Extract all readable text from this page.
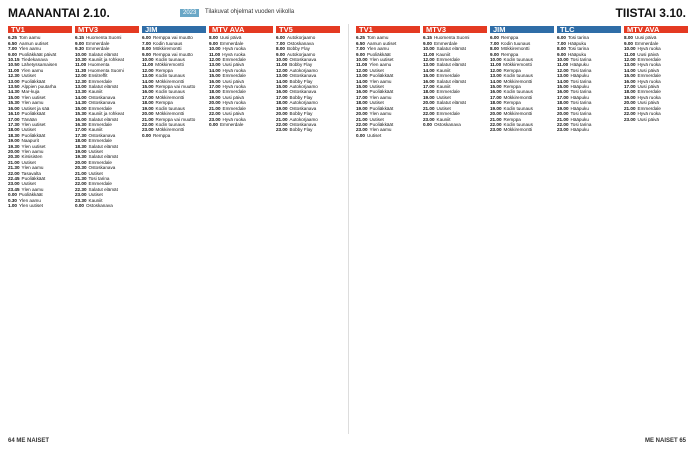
MAANANTAI 2.10.	2023	Tilakuvat ohjelmat vuoden viikolla	TIISTAI 3.10.
TV1
6.25 Tom aamu
6.50 Aamun uutiset
7.00 Ylen aamu
9.00 Puoliäkkäät päivät
10.15 Tiedekanava
10.50 Lähetyssamaisen
11.00 Ylen aamu
12.30 Uutiset
13.00 Puoliäkkäät
13.50 Alppien puutarha
14.30 Mar-kuja
15.00 Ylen uutiset
15.30 Ylen aamu
16.00 Uutiset ja sää
16.10 Puoliäkkäät
17.00 Tänään
17.30 Ylen uutiset
18.00 Uutiset
18.30 Puoliäkkäät
19.00 Naapurit
19.30 Ylen uutiset
20.00 Ylen aamu
20.30 Kirsisisten
21.00 Uutiset
21.30 Ylen aamu
22.00 Tasavalta
22.45 Puoliäkkäät
23.00 Uutiset
23.45 Ylen aamu
0.00 Puoliäkkäät
0.30 Ylen aamu
1.00 Ylen uutiset
MTV3
6.15 Huomenta Suomi
9.00 Emmerdale
9.30 Emmerdale
10.00 Salatut elämät
10.30 Kauniit ja rohkeat
11.00 Huomenta
11.30 Huomenta Suomi
12.00 Ensitreffit
12.30 Emmerdale
13.00 Salatut elämät
13.30 Kauniit
14.00 Ostoskanava
14.30 Ostoskanava
15.00 Emmerdale
15.30 Kauniit ja rohkeat
16.00 Salatut elämät
16.30 Emmerdale
17.00 Kauniit
17.30 Ostoskanava
18.00 Emmerdale
18.30 Salatut elämät
19.00 Uutiset
19.30 Salatut elämät
20.00 Emmerdale
20.30 Ostoskanava
21.00 Uutiset
21.30 Tosi tarina
22.00 Emmerdale
22.30 Salatut elämät
23.00 Uutiset
23.30 Kauniit
0.00 Ostoskanava
JIM
6.00 Remppa vai muutto
7.00 Kodin tuunaus
8.00 Mökkiremontti
9.00 Remppa vai muutto
10.00 Kodin tuunaus
11.00 Mökkiremontti
12.00 Remppa
13.00 Kodin tuunaus
14.00 Mökkiremontti
15.00 Remppa vai muutto
16.00 Kodin tuunaus
17.00 Mökkiremontti
18.00 Remppa
19.00 Kodin tuunaus
20.00 Mökkiremontti
21.00 Remppa vai muutto
22.00 Kodin tuunaus
23.00 Mökkiremontti
0.00 Remppa
MTV AVA
8.00 Uusi päivä
9.00 Emmerdale
10.00 Hyvä ruoka
11.00 Hyvä ruoka
12.00 Emmerdale
13.00 Uusi päivä
14.00 Hyvä ruoka
15.00 Emmerdale
16.00 Uusi päivä
17.00 Hyvä ruoka
18.00 Emmerdale
19.00 Uusi päivä
20.00 Hyvä ruoka
21.00 Emmerdale
22.00 Uusi päivä
23.00 Hyvä ruoka
0.00 Emmerdale
TV5
6.00 Autokorjaamo
7.00 Ostoskanava
8.00 Bobby Flay
9.00 Autokorjaamo
10.00 Ostoskanava
11.00 Bobby Flay
12.00 Autokorjaamo
13.00 Ostoskanava
14.00 Bobby Flay
15.00 Autokorjaamo
16.00 Ostoskanava
17.00 Bobby Flay
18.00 Autokorjaamo
19.00 Ostoskanava
20.00 Bobby Flay
21.00 Autokorjaamo
22.00 Ostoskanava
23.00 Bobby Flay
TV1
6.25 Tom aamu
6.50 Aamun uutiset
7.00 Ylen aamu
9.00 Puoliäkkäät
10.00 Ylen uutiset
11.00 Ylen aamu
12.00 Uutiset
13.00 Puoliäkkäät
14.00 Ylen aamu
15.00 Uutiset
16.00 Puoliäkkäät
17.00 Ylen aamu
18.00 Uutiset
19.00 Puoliäkkäät
20.00 Ylen aamu
21.00 Uutiset
22.00 Puoliäkkäät
23.00 Ylen aamu
0.00 Uutiset
MTV3
6.15 Huomenta Suomi
9.00 Emmerdale
10.00 Salatut elämät
11.00 Kauniit
12.00 Emmerdale
13.00 Salatut elämät
14.00 Kauniit
15.00 Emmerdale
16.00 Salatut elämät
17.00 Kauniit
18.00 Emmerdale
19.00 Uutiset
20.00 Salatut elämät
21.00 Uutiset
22.00 Emmerdale
23.00 Kauniit
0.00 Ostoskanava
JIM
6.00 Remppa
7.00 Kodin tuunaus
8.00 Mökkiremontti
9.00 Remppa
10.00 Kodin tuunaus
11.00 Mökkiremontti
12.00 Remppa
13.00 Kodin tuunaus
14.00 Mökkiremontti
15.00 Remppa
16.00 Kodin tuunaus
17.00 Mökkiremontti
18.00 Remppa
19.00 Kodin tuunaus
20.00 Mökkiremontti
21.00 Remppa
22.00 Kodin tuunaus
23.00 Mökkiremontti
TLC
6.00 Tosi tarina
7.00 Hääpuku
8.00 Tosi tarina
9.00 Hääpuku
10.00 Tosi tarina
11.00 Hääpuku
12.00 Tosi tarina
13.00 Hääpuku
14.00 Tosi tarina
15.00 Hääpuku
16.00 Tosi tarina
17.00 Hääpuku
18.00 Tosi tarina
19.00 Hääpuku
20.00 Tosi tarina
21.00 Hääpuku
22.00 Tosi tarina
23.00 Hääpuku
MTV AVA
8.00 Uusi päivä
9.00 Emmerdale
10.00 Hyvä ruoka
11.00 Uusi päivä
12.00 Emmerdale
13.00 Hyvä ruoka
14.00 Uusi päivä
15.00 Emmerdale
16.00 Hyvä ruoka
17.00 Uusi päivä
18.00 Emmerdale
19.00 Hyvä ruoka
20.00 Uusi päivä
21.00 Emmerdale
22.00 Hyvä ruoka
23.00 Uusi päivä
64 ME NAISET	ME NAISET 65
